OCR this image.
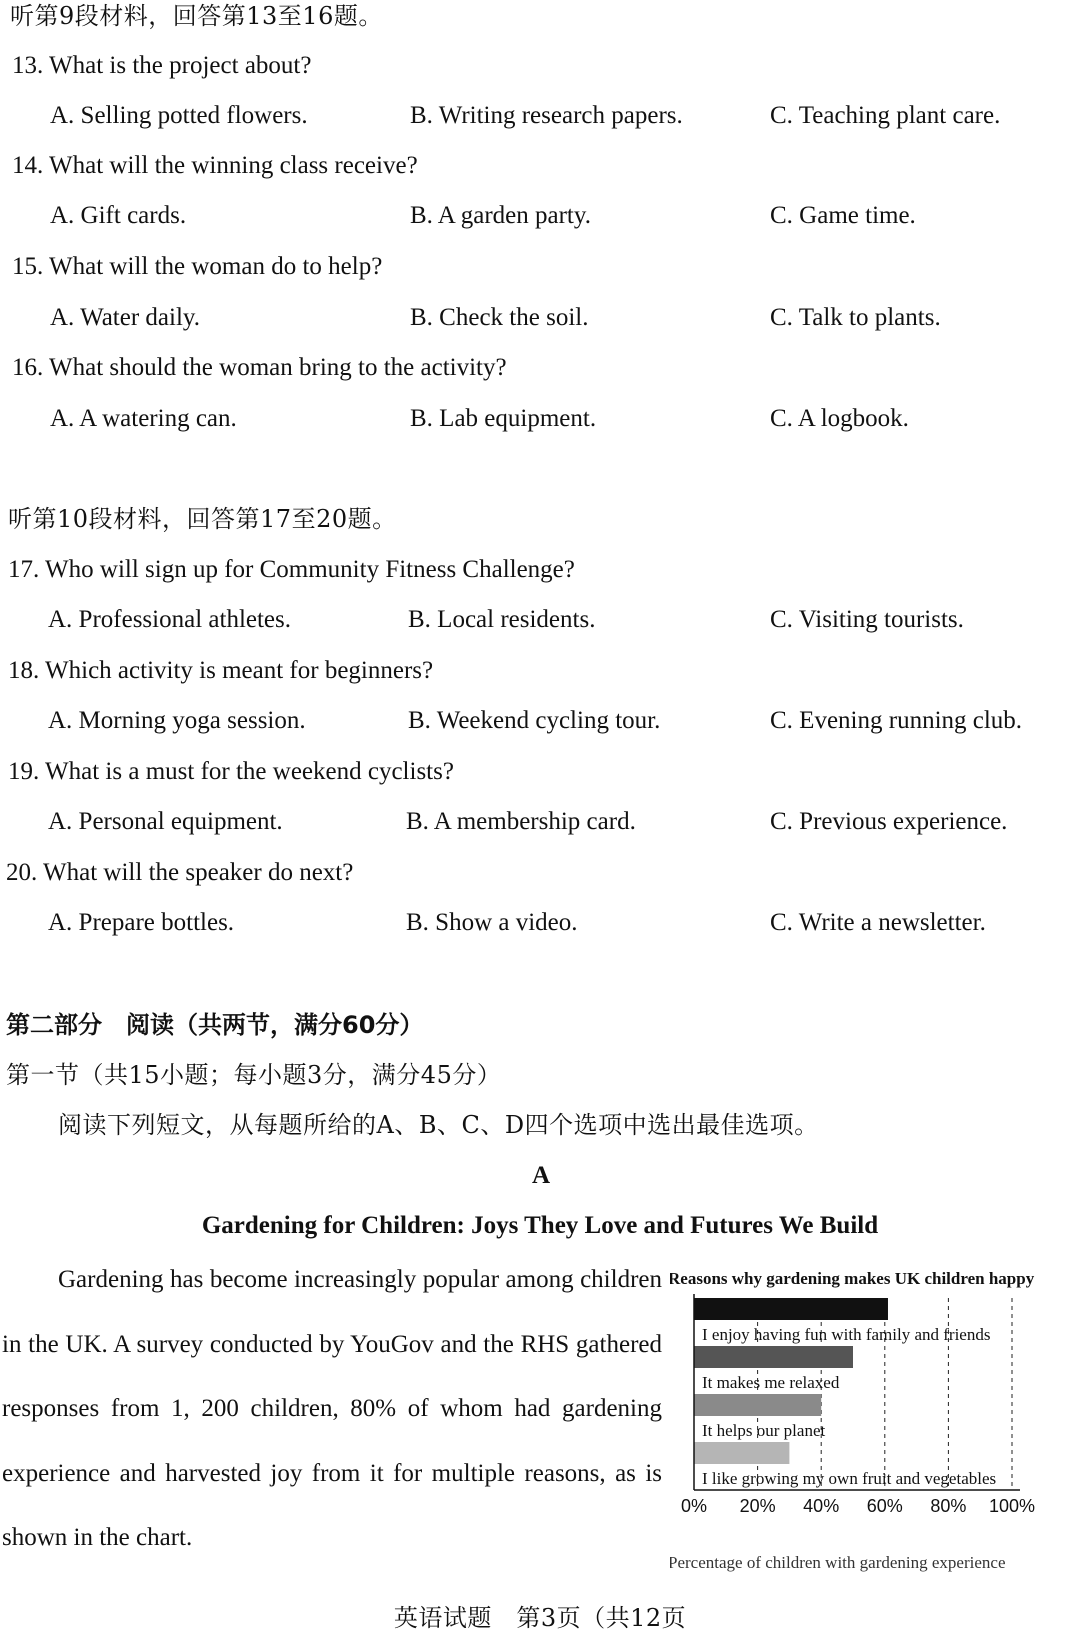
听第9段材料，回答第13至16题。
13. What is the project about?
A. Selling potted flowers.	B. Writing research papers.	C. Teaching plant care.
14. What will the winning class receive?
A. Gift cards.	B. A garden party.	C. Game time.
15. What will the woman do to help?
A. Water daily.	B. Check the soil.	C. Talk to plants.
16. What should the woman bring to the activity?
A. A watering can.	B. Lab equipment.	C. A logbook.
听第10段材料，回答第17至20题。
17. Who will sign up for Community Fitness Challenge?
A. Professional athletes.	B. Local residents.	C. Visiting tourists.
18. Which activity is meant for beginners?
A. Morning yoga session.	B. Weekend cycling tour.	C. Evening running club.
19. What is a must for the weekend cyclists?
A. Personal equipment.	B. A membership card.	C. Previous experience.
20. What will the speaker do next?
A. Prepare bottles.	B. Show a video.	C. Write a newsletter.
第二部分　阅读（共两节，满分60分）
第一节（共15小题；每小题3分，满分45分）
阅读下列短文，从每题所给的A、B、C、D四个选项中选出最佳选项。
A
Gardening for Children: Joys They Love and Futures We Build
Gardening has become increasingly popular among children in the UK. A survey conducted by YouGov and the RHS gathered responses from 1, 200 children, 80% of whom had gardening experience and harvested joy from it for multiple reasons, as is shown in the chart.
Reasons why gardening makes UK children happy
I enjoy having fun with family and friends
It makes me relaxed
It helps our planet
I like growing my own fruit and vegetables
0% 20% 40% 60% 80% 100%
Percentage of children with gardening experience
英语试题　第3页（共12页
